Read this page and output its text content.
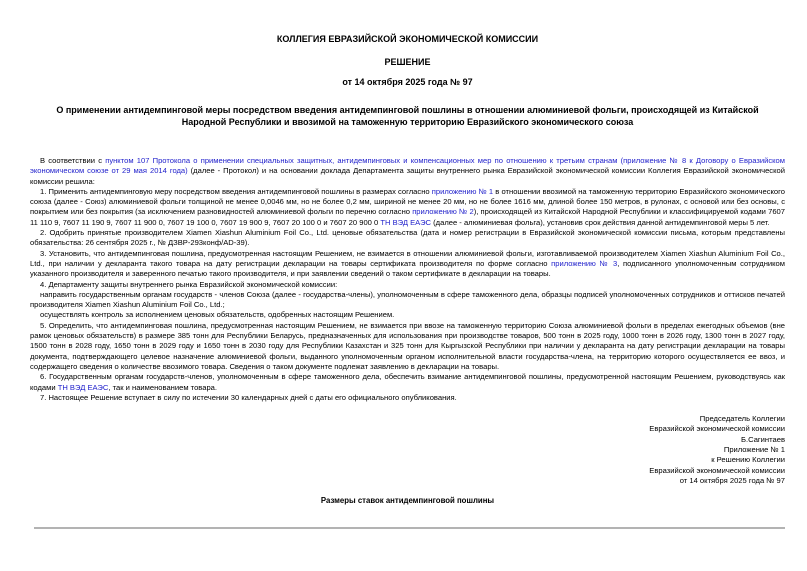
КОЛЛЕГИЯ ЕВРАЗИЙСКОЙ ЭКОНОМИЧЕСКОЙ КОМИССИИ
РЕШЕНИЕ
от 14 октября 2025 года № 97
О применении антидемпинговой меры посредством введения антидемпинговой пошлины в отношении алюминиевой фольги, происходящей из Китайской Народной Республики и ввозимой на таможенную территорию Евразийского экономического союза

В соответствии с пунктом 107 Протокола о применении специальных защитных, антидемпинговых и компенсационных мер по отношению к третьим странам (приложение № 8 к Договору о Евразийском экономическом союзе от 29 мая 2014 года) (далее - Протокол) и на основании доклада Департамента защиты внутреннего рынка Евразийской экономической комиссии Коллегия Евразийской экономической комиссии решила:

1. Применить антидемпинговую меру посредством введения антидемпинговой пошлины в размерах согласно приложению № 1 в отношении ввозимой на таможенную территорию Евразийского экономического союза (далее - Союз) алюминиевой фольги толщиной не менее 0,0046 мм, но не более 0,2 мм, шириной не менее 20 мм, но не более 1616 мм, длиной более 150 метров, в рулонах, с основой или без основы, с покрытием или без покрытия (за исключением разновидностей алюминиевой фольги по перечню согласно приложению № 2), происходящей из Китайской Народной Республики и классифицируемой кодами 7607 11 110 9, 7607 11 190 9, 7607 11 900 0, 7607 19 100 0, 7607 19 900 9, 7607 20 100 0 и 7607 20 900 0 ТН ВЭД ЕАЭС (далее - алюминиевая фольга), установив срок действия данной антидемпинговой меры 5 лет.

2. Одобрить принятые производителем Xiamen Xiashun Aluminium Foil Co., Ltd. ценовые обязательства (дата и номер регистрации в Евразийской экономической комиссии письма, которым представлены обязательства: 26 сентября 2025 г., № ДЗВР-293конф/AD-39).

3. Установить, что антидемпинговая пошлина, предусмотренная настоящим Решением, не взимается в отношении алюминиевой фольги, изготавливаемой производителем Xiamen Xiashun Aluminium Foil Co., Ltd., при наличии у декларанта такого товара на дату регистрации декларации на товары сертификата производителя по форме согласно приложению № 3, подписанного уполномоченным сотрудником указанного производителя и заверенного печатью такого производителя, и при заявлении сведений о таком сертификате в декларации на товары.

4. Департаменту защиты внутреннего рынка Евразийской экономической комиссии:

направить государственным органам государств - членов Союза (далее - государства-члены), уполномоченным в сфере таможенного дела, образцы подписей уполномоченных сотрудников и оттисков печатей производителя Xiamen Xiashun Aluminium Foil Co., Ltd.;

осуществлять контроль за исполнением ценовых обязательств, одобренных настоящим Решением.

5. Определить, что антидемпинговая пошлина, предусмотренная настоящим Решением, не взимается при ввозе на таможенную территорию Союза алюминиевой фольги в пределах ежегодных объемов (вне рамок ценовых обязательств) в размере 385 тонн для Республики Беларусь, предназначенных для использования при производстве товаров, 500 тонн в 2025 году, 1000 тонн в 2026 году, 1300 тонн в 2027 году, 1500 тонн в 2028 году, 1650 тонн в 2029 году и 1650 тонн в 2030 году для Республики Казахстан и 325 тонн для Кыргызской Республики при наличии у декларанта на дату регистрации декларации на товары документа, подтверждающего целевое назначение алюминиевой фольги, выданного уполномоченным органом исполнительной власти государства-члена, на территорию которого осуществляется ее ввоз, и содержащего сведения о количестве ввозимого товара. Сведения о таком документе подлежат заявлению в декларации на товары.

6. Государственным органам государств-членов, уполномоченным в сфере таможенного дела, обеспечить взимание антидемпинговой пошлины, предусмотренной настоящим Решением, руководствуясь как кодами ТН ВЭД ЕАЭС, так и наименованием товара.

7. Настоящее Решение вступает в силу по истечении 30 календарных дней с даты его официального опубликования.

Председатель Коллегии
Евразийской экономической комиссии
Б.Сагинтаев
Приложение № 1
к Решению Коллегии
Евразийской экономической комиссии
от 14 октября 2025 года № 97
Размеры ставок антидемпинговой пошлины
